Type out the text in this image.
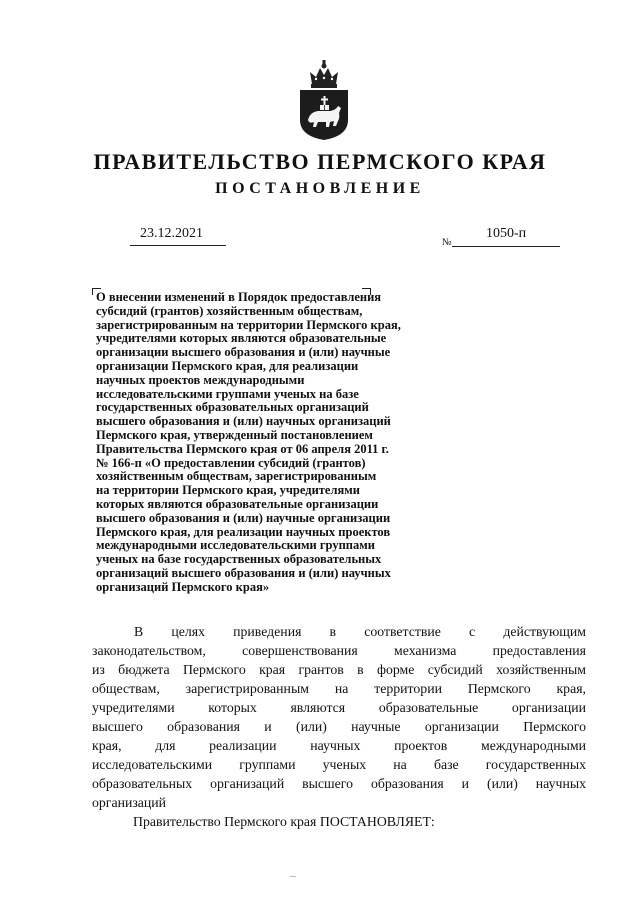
ПРАВИТЕЛЬСТВО ПЕРМСКОГО КРАЯ
ПОСТАНОВЛЕНИЕ
23.12.2021
№
1050-п
О внесении изменений в Порядок предоставления
субсидий (грантов) хозяйственным обществам,
зарегистрированным на территории Пермского края,
учредителями которых являются образовательные
организации высшего образования и (или) научные
организации Пермского края, для реализации
научных проектов международными
исследовательскими группами ученых на базе
государственных образовательных организаций
высшего образования и (или) научных организаций
Пермского края, утвержденный постановлением
Правительства Пермского края от 06 апреля 2011 г.
№ 166-п «О предоставлении субсидий (грантов)
хозяйственным обществам, зарегистрированным
на территории Пермского края, учредителями
которых являются образовательные организации
высшего образования и (или) научные организации
Пермского края, для реализации научных проектов
международными исследовательскими группами
ученых на базе государственных образовательных
организаций высшего образования и (или) научных
организаций Пермского края»
В целях приведения в соответствие с действующим
законодательством, совершенствования механизма предоставления
из бюджета Пермского края грантов в форме субсидий хозяйственным
обществам, зарегистрированным на территории Пермского края,
учредителями которых являются образовательные организации
высшего образования и (или) научные организации Пермского
края, для реализации научных проектов международными
исследовательскими группами ученых на базе государственных
образовательных организаций высшего образования и (или) научных
организаций
Правительство Пермского края ПОСТАНОВЛЯЕТ:
